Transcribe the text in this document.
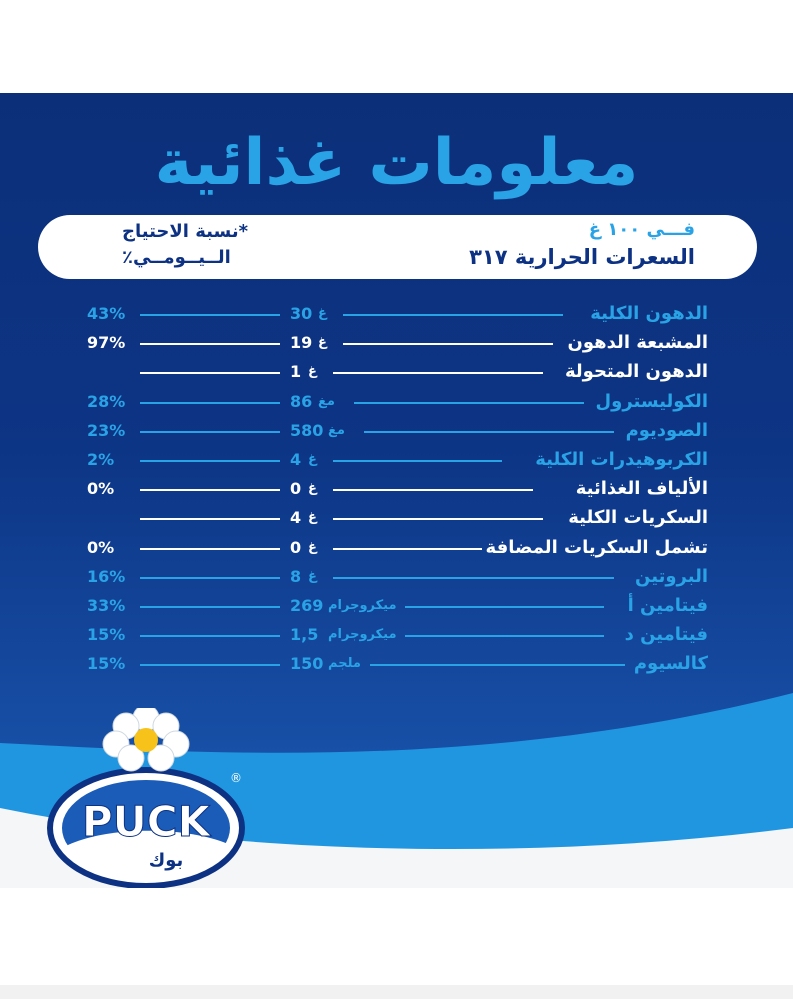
معلومات غذائية
فـــي ١٠٠ غ
السعرات الحرارية ٣١٧
*نسبة الاحتياج
الــيــومــي٪
الدهون الكلية
30 غ
43%
المشبعة الدهون
19 غ
97%
الدهون المتحولة
1 غ
الكوليسترول
86 مغ
28%
الصوديوم
580 مغ
23%
الكربوهيدرات الكلية
4 غ
2%
الألياف الغذائية
0 غ
0%
السكريات الكلية
4 غ
تشمل السكريات المضافة
0 غ
0%
البروتين
8 غ
16%
فيتامين أ
269 ميكروجرام
33%
فيتامين د
1,5 ميكروجرام
15%
كالسيوم
150 ملجم
15%
PUCK
بوك
®
